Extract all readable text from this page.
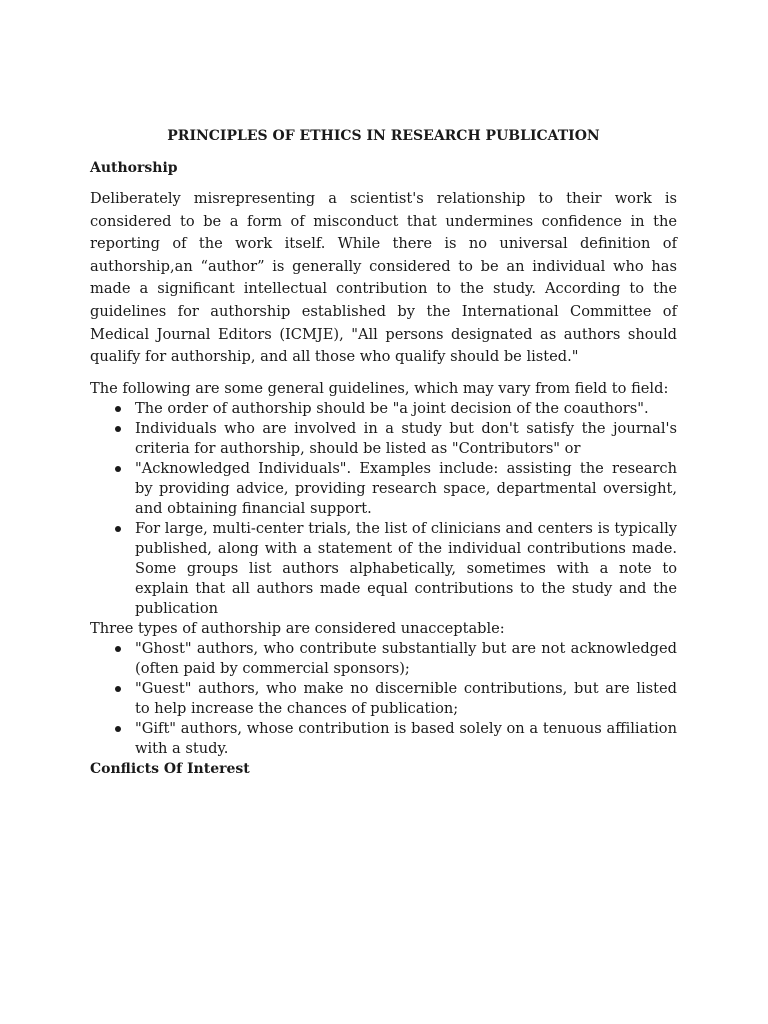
PRINCIPLES OF ETHICS IN RESEARCH PUBLICATION
Authorship

Deliberately misrepresenting a scientist's relationship to their work is considered to be a form of misconduct that undermines confidence in the reporting of the work itself. While there is no universal definition of authorship,an “author” is generally considered to be an individual who has made a significant intellectual contribution to the study. According to the guidelines for authorship established by the International Committee of Medical Journal Editors (ICMJE), "All persons designated as authors should qualify for authorship, and all those who qualify should be listed."

The following are some general guidelines, which may vary from field to field:

The order of authorship should be "a joint decision of the coauthors".
Individuals who are involved in a study but don't satisfy the journal's criteria for authorship, should be listed as "Contributors" or
"Acknowledged Individuals". Examples include: assisting the research by providing advice, providing research space, departmental oversight, and obtaining financial support.
For large, multi-center trials, the list of clinicians and centers is typically published, along with a statement of the individual contributions made. Some groups list authors alphabetically, sometimes with a note to explain that all authors made equal contributions to the study and the publication

Three types of authorship are considered unacceptable:

"Ghost" authors, who contribute substantially but are not acknowledged (often paid by commercial sponsors);
"Guest" authors, who make no discernible contributions, but are listed to help increase the chances of publication;
"Gift" authors, whose contribution is based solely on a tenuous affiliation with a study.
Conflicts Of Interest
